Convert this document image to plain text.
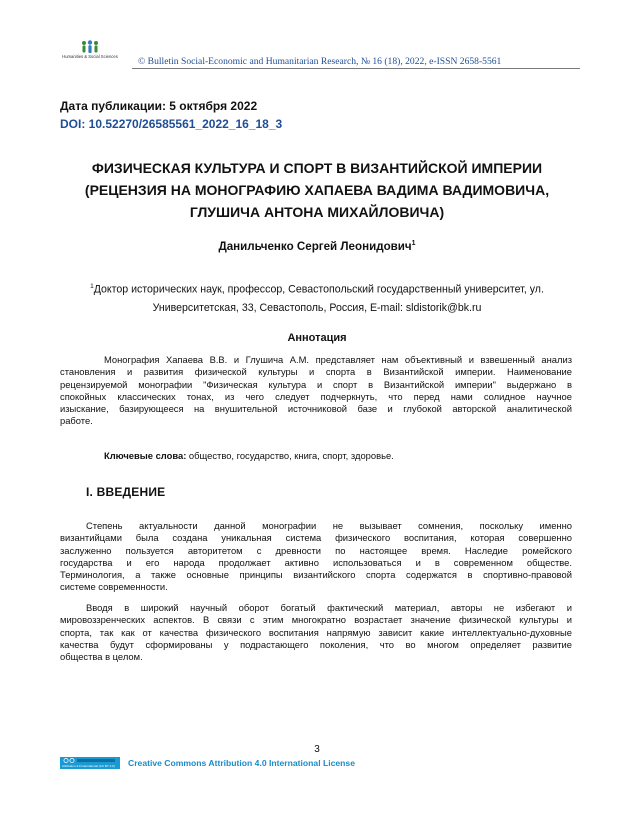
Humanities & Social Sciences © Bulletin Social-Economic and Humanitarian Research, № 16 (18), 2022, e-ISSN 2658-5561
Дата публикации: 5 октября 2022
DOI: 10.52270/26585561_2022_16_18_3
ФИЗИЧЕСКАЯ КУЛЬТУРА И СПОРТ В ВИЗАНТИЙСКОЙ ИМПЕРИИ
(РЕЦЕНЗИЯ НА МОНОГРАФИЮ ХАПАЕВА ВАДИМА ВАДИМОВИЧА,
ГЛУШИЧА АНТОНА МИХАЙЛОВИЧА)
Данильченко Сергей Леонидович$^1$
$^1$Доктор исторических наук, профессор, Севастопольский государственный университет, ул.
Университетская, 33, Севастополь, Россия, E-mail: sldistorik@bk.ru
Аннотация
Монография Хапаева В.В. и Глушича А.М. представляет нам объективный и взвешенный анализ
становления и развития физической культуры и спорта в Византийской империи. Наименование
рецензируемой монографии "Физическая культура и спорт в Византийской империи" выдержано в
спокойных классических тонах, из чего следует подчеркнуть, что перед нами солидное научное
изыскание, базирующееся на внушительной источниковой базе и глубокой авторской аналитической
работе.
Ключевые слова: общество, государство, книга, спорт, здоровье.
I. ВВЕДЕНИЕ
Степень актуальности данной монографии не вызывает сомнения, поскольку именно
византийцами была создана уникальная система физического воспитания, которая совершенно
заслуженно пользуется авторитетом с древности по настоящее время. Наследие ромейского
государства и его народа продолжает активно использоваться и в современном обществе.
Терминология, а также основные принципы византийского спорта содержатся в спортивно-правовой
системе современности.
Вводя в широкий научный оборот богатый фактический материал, авторы не избегают и
мировоззренческих аспектов. В связи с этим многократно возрастает значение физической культуры и
спорта, так как от качества физического воспитания напрямую зависит какие интеллектуально-духовные
качества будут сформированы у подрастающего поколения, что во многом определяет развитие
общества в целом.
3
Attribution 4.0 International (CC BY 4.0) Creative Commons Attribution 4.0 International License
